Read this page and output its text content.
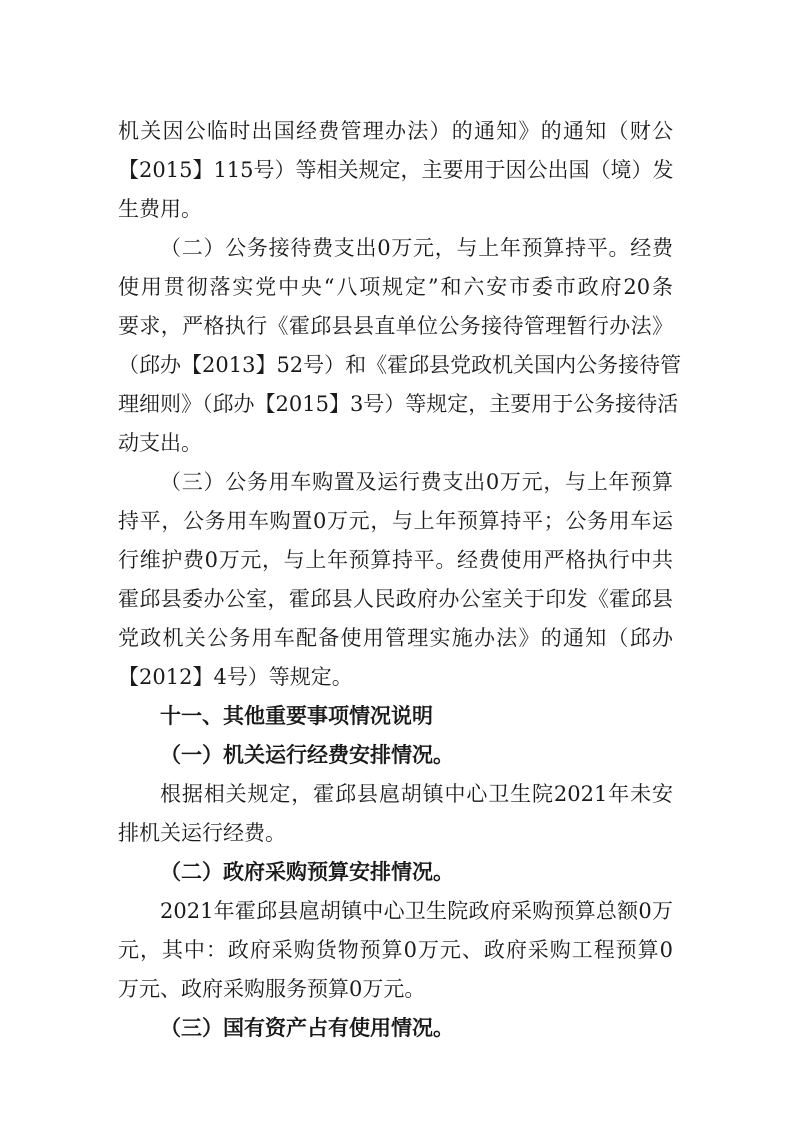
机关因公临时出国经费管理办法）的通知》的通知（财公
【2015】115号）等相关规定，主要用于因公出国（境）发
生费用。
（二）公务接待费支出0万元，与上年预算持平。经费
使用贯彻落实党中央“八项规定”和六安市委市政府20条
要求，严格执行《霍邱县县直单位公务接待管理暂行办法》
（邱办【2013】52号）和《霍邱县党政机关国内公务接待管
理细则》（邱办【2015】3号）等规定，主要用于公务接待活
动支出。
（三）公务用车购置及运行费支出0万元，与上年预算
持平，公务用车购置0万元，与上年预算持平；公务用车运
行维护费0万元，与上年预算持平。经费使用严格执行中共
霍邱县委办公室，霍邱县人民政府办公室关于印发《霍邱县
党政机关公务用车配备使用管理实施办法》的通知（邱办
【2012】4号）等规定。
十一、其他重要事项情况说明
（一）机关运行经费安排情况。
根据相关规定，霍邱县扈胡镇中心卫生院2021年未安
排机关运行经费。
（二）政府采购预算安排情况。
2021年霍邱县扈胡镇中心卫生院政府采购预算总额0万
元，其中：政府采购货物预算0万元、政府采购工程预算0
万元、政府采购服务预算0万元。
（三）国有资产占有使用情况。
